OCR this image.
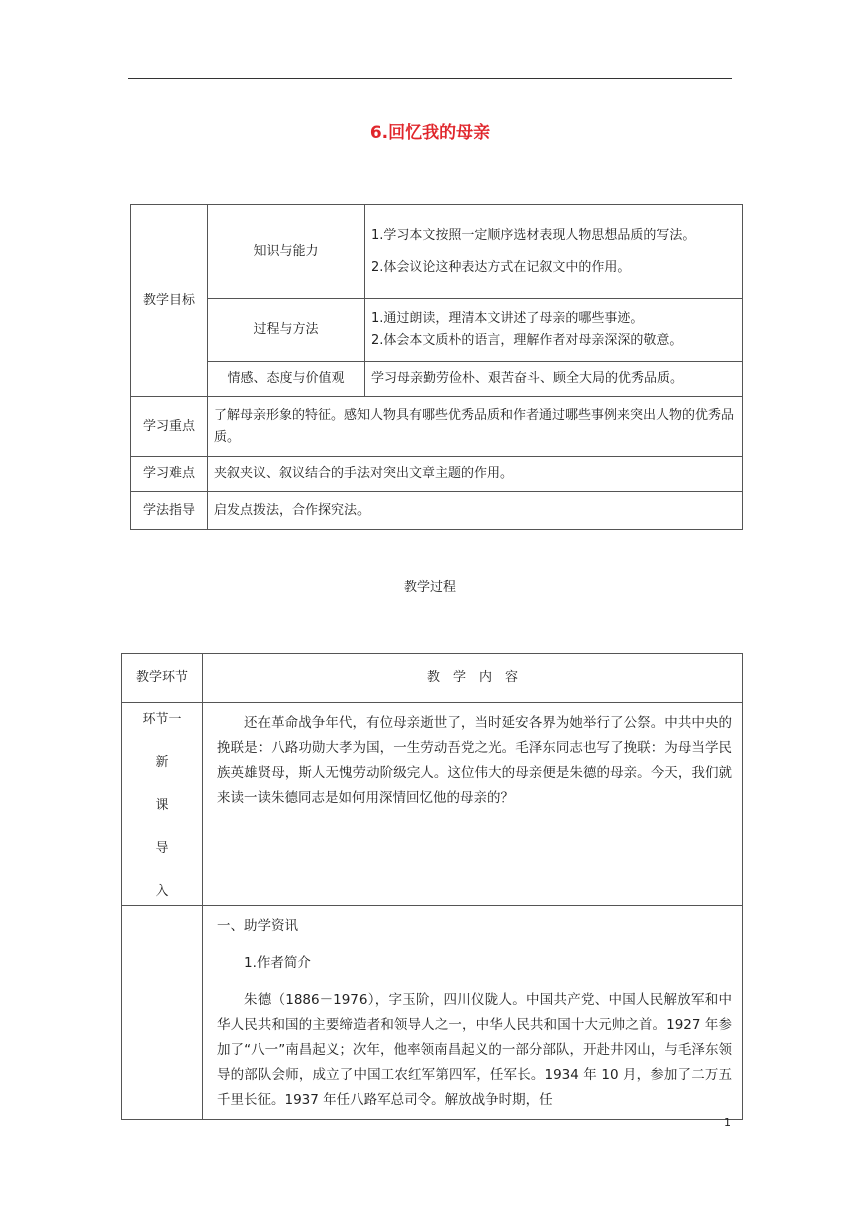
6.回忆我的母亲
教学目标	知识与能力	1.学习本文按照一定顺序选材表现人物思想品质的写法。

2.体会议论这种表达方式在记叙文中的作用。

	过程与方法	1.通过朗读，理清本文讲述了母亲的哪些事迹。

2.体会本文质朴的语言，理解作者对母亲深深的敬意。

	情感、态度与价值观	学习母亲勤劳俭朴、艰苦奋斗、顾全大局的优秀品质。
学习重点	了解母亲形象的特征。感知人物具有哪些优秀品质和作者通过哪些事例来突出人物的优秀品质。	
学习难点	夹叙夹议、叙议结合的手法对突出文章主题的作用。	
学法指导	启发点拨法，合作探究法。	
教学过程
教学环节	教　学　内　容

环节一
新
课
导
入	还在革命战争年代，有位母亲逝世了，当时延安各界为她举行了公祭。中共中央的挽联是：八路功勋大孝为国，一生劳动吾党之光。毛泽东同志也写了挽联：为母当学民族英雄贤母，斯人无愧劳动阶级完人。这位伟大的母亲便是朱德的母亲。今天，我们就来读一读朱德同志是如何用深情回忆他的母亲的？

	一、助学资讯

1.作者简介

朱德（1886－1976），字玉阶，四川仪陇人。中国共产党、中国人民解放军和中华人民共和国的主要缔造者和领导人之一，中华人民共和国十大元帅之首。1927 年参加了“八一”南昌起义；次年，他率领南昌起义的一部分部队，开赴井冈山，与毛泽东领导的部队会师，成立了中国工农红军第四军，任军长。1934 年 10 月，参加了二万五千里长征。1937 年任八路军总司令。解放战争时期，任

1
